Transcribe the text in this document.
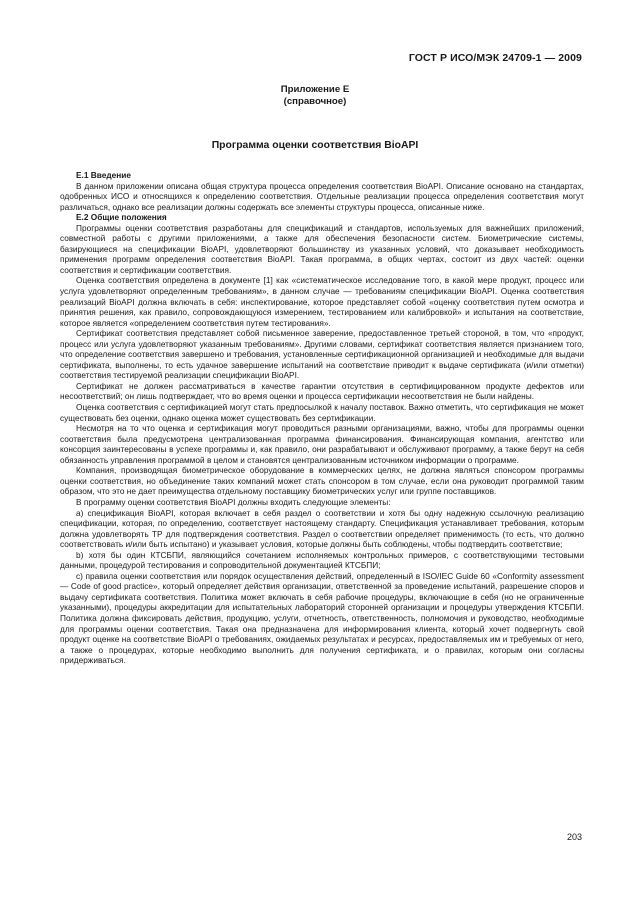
ГОСТ Р ИСО/МЭК 24709-1 — 2009
Приложение Е
(справочное)
Программа оценки соответствия BioAPI
Е.1 Введение

В данном приложении описана общая структура процесса определения соответствия BioAPI. Описание основано на стандартах, одобренных ИСО и относящихся к определению соответствия. Отдельные реализации процесса определения соответствия могут различаться, однако все реализации должны содержать все элементы структуры процесса, описанные ниже.

Е.2 Общие положения

Программы оценки соответствия разработаны для спецификаций и стандартов, используемых для важнейших приложений, совместной работы с другими приложениями, а также для обеспечения безопасности систем. Биометрические системы, базирующиеся на спецификации BioAPI, удовлетворяют большинству из указанных условий, что доказывает необходимость применения программ определения соответствия BioAPI. Такая программа, в общих чертах, состоит из двух частей: оценки соответствия и сертификации соответствия.

Оценка соответствия определена в документе [1] как «систематическое исследование того, в какой мере продукт, процесс или услуга удовлетворяют определенным требованиям», в данном случае — требованиям спецификации BioAPI. Оценка соответствия реализаций BioAPI должна включать в себя: инспектирование, которое представляет собой «оценку соответствия путем осмотра и принятия решения, как правило, сопровождающуюся измерением, тестированием или калибровкой» и испытания на соответствие, которое является «определением соответствия путем тестирования».

Сертификат соответствия представляет собой письменное заверение, предоставленное третьей стороной, в том, что «продукт, процесс или услуга удовлетворяют указанным требованиям». Другими словами, сертификат соответствия является признанием того, что определение соответствия завершено и требования, установленные сертификационной организацией и необходимые для выдачи сертификата, выполнены, то есть удачное завершение испытаний на соответствие приводит к выдаче сертификата (и/или отметки) соответствия тестируемой реализации спецификации BioAPI.

Сертификат не должен рассматриваться в качестве гарантии отсутствия в сертифицированном продукте дефектов или несоответствий; он лишь подтверждает, что во время оценки и процесса сертификации несоответствия не были найдены.

Оценка соответствия с сертификацией могут стать предпосылкой к началу поставок. Важно отметить, что сертификация не может существовать без оценки, однако оценка может существовать без сертификации.

Несмотря на то что оценка и сертификация могут проводиться разными организациями, важно, чтобы для программы оценки соответствия была предусмотрена централизованная программа финансирования. Финансирующая компания, агентство или консорция заинтересованы в успехе программы и, как правило, они разрабатывают и обслуживают программу, а также берут на себя обязанность управления программой в целом и становятся централизованным источником информации о программе.

Компания, производящая биометрическое оборудование в коммерческих целях, не должна являться спонсором программы оценки соответствия, но объединение таких компаний может стать спонсором в том случае, если она руководит программой таким образом, что это не дает преимущества отдельному поставщику биометрических услуг или группе поставщиков.

В программу оценки соответствия BioAPI должны входить следующие элементы:

a) спецификация BioAPI, которая включает в себя раздел о соответствии и хотя бы одну надежную ссылочную реализацию спецификации, которая, по определению, соответствует настоящему стандарту. Спецификация устанавливает требования, которым должна удовлетворять ТР для подтверждения соответствия. Раздел о соответствии определяет применимость (то есть, что должно соответствовать и/или быть испытано) и указывает условия, которые должны быть соблюдены, чтобы подтвердить соответствие;

b) хотя бы один КТСБПИ, являющийся сочетанием исполняемых контрольных примеров, с соответствующими тестовыми данными, процедурой тестирования и сопроводительной документацией КТСБПИ;

c) правила оценки соответствия или порядок осуществления действий, определенный в ISO/IEC Guide 60 «Conformity assessment — Code of good practice», который определяет действия организации, ответственной за проведение испытаний, разрешение споров и выдачу сертификата соответствия. Политика может включать в себя рабочие процедуры, включающие в себя (но не ограниченные указанными), процедуры аккредитации для испытательных лабораторий сторонней организации и процедуры утверждения КТСБПИ. Политика должна фиксировать действия, продукцию, услуги, отчетность, ответственность, полномочия и руководство, необходимые для программы оценки соответствия. Такая она предназначена для информирования клиента, который хочет подвергнуть свой продукт оценке на соответствие BioAPI о требованиях, ожидаемых результатах и ресурсах, предоставляемых им и требуемых от него, а также о процедурах, которые необходимо выполнить для получения сертификата, и о правилах, которым они согласны придерживаться.

203
